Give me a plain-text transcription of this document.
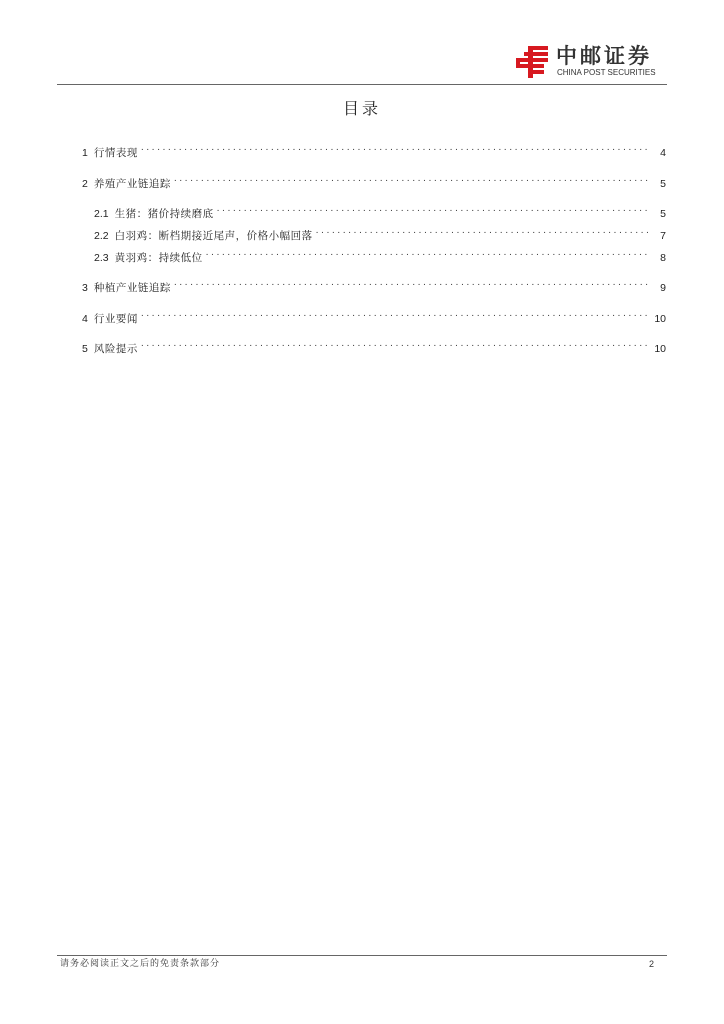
中邮证券
CHINA POST SECURITIES
目录
1 行情表现 .....	4
2 养殖产业链追踪 .....	5
2.1 生猪：猪价持续磨底 .....	5
2.2 白羽鸡：断档期接近尾声，价格小幅回落 .....	7
2.3 黄羽鸡：持续低位 .....	8
3 种植产业链追踪 .....	9
4 行业要闻 .....	10
5 风险提示 .....	10
请务必阅读正文之后的免责条款部分	2
